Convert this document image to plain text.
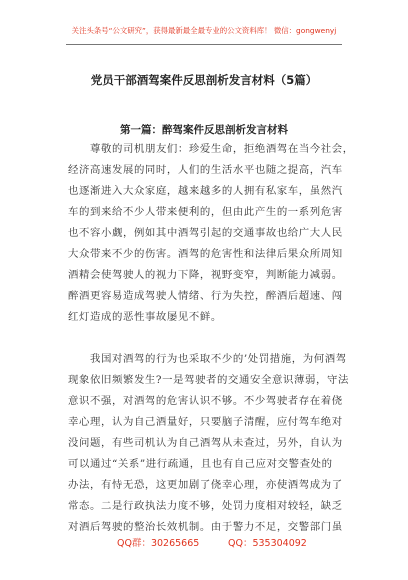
关注头条号“公文研究”，获得最新最全最专业的公文资料库！ 微信：gongwenyj
党员干部酒驾案件反思剖析发言材料（5篇）
第一篇：醉驾案件反思剖析发言材料
尊敬的司机朋友们：珍爱生命，拒绝酒驾在当今社会，
经济高速发展的同时，人们的生活水平也随之提高，汽车
也逐渐进入大众家庭，越来越多的人拥有私家车，虽然汽
车的到来给不少人带来便利的，但由此产生的一系列危害
也不容小觑，例如其中酒驾引起的交通事故也给广大人民
大众带来不少的伤害。酒驾的危害性和法律后果众所周知
酒精会使驾驶人的视力下降，视野变窄，判断能力减弱。
醉酒更容易造成驾驶人情绪、行为失控，醉酒后超速、闯
红灯造成的恶性事故屡见不鲜。
我国对酒驾的行为也采取不少的’处罚措施，为何酒驾
现象依旧频繁发生?一是驾驶者的交通安全意识薄弱，守法
意识不强，对酒驾的危害认识不够。不少驾驶者存在着侥
幸心理，认为自己酒量好，只要脑子清醒，应付驾车绝对
没问题，有些司机认为自己酒驾从未查过，另外，自认为
可以通过“关系”进行疏通，且也有自己应对交警查处的
办法，有恃无恐，这更加剧了侥幸心理，亦使酒驾成为了
常态。二是行政执法力度不够，处罚力度相对较轻，缺乏
对酒后驾驶的整治长效机制。由于警力不足，交警部门虽
QQ群：30265665	QQ：535304092
